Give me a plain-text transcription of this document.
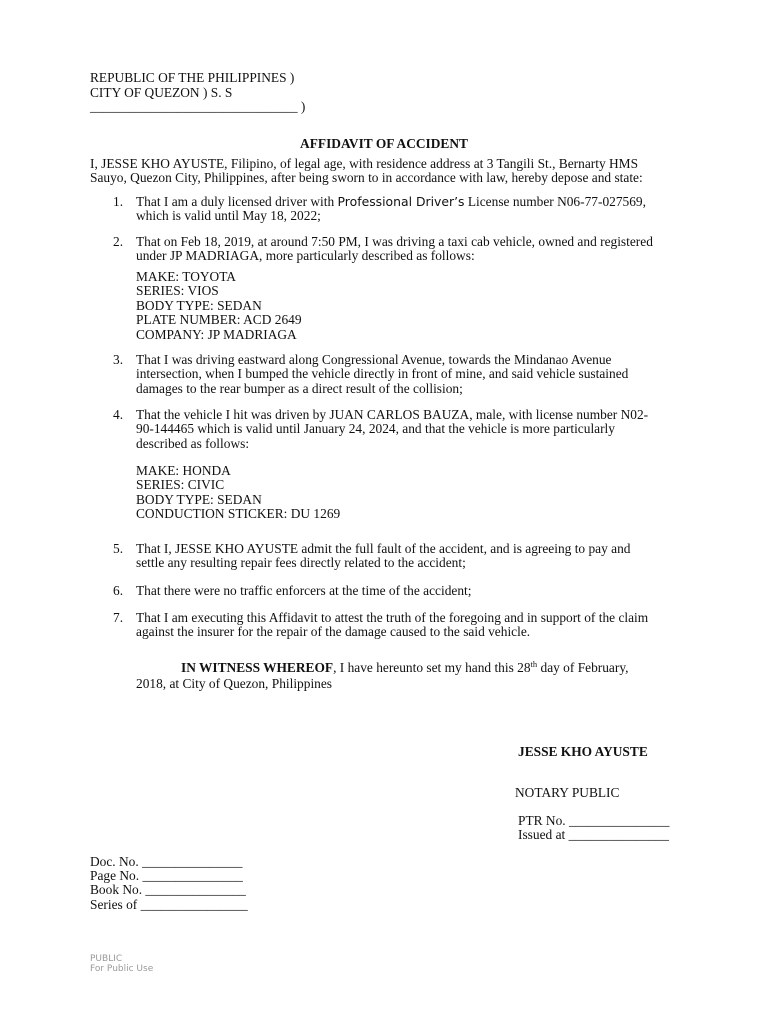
REPUBLIC OF THE PHILIPPINES )
CITY OF QUEZON ) S. S
_______________________________ )
AFFIDAVIT OF ACCIDENT
I, JESSE KHO AYUSTE, Filipino, of legal age, with residence address at 3 Tangili St., Bernarty HMS
Sauyo, Quezon City, Philippines, after being sworn to in accordance with law, hereby depose and state:
1. That I am a duly licensed driver with Professional Driver’s License number N06-77-027569,
which is valid until May 18, 2022;
2. That on Feb 18, 2019, at around 7:50 PM, I was driving a taxi cab vehicle, owned and registered
under JP MADRIAGA, more particularly described as follows:
MAKE: TOYOTA
SERIES: VIOS
BODY TYPE: SEDAN
PLATE NUMBER: ACD 2649
COMPANY: JP MADRIAGA
3. That I was driving eastward along Congressional Avenue, towards the Mindanao Avenue
intersection, when I bumped the vehicle directly in front of mine, and said vehicle sustained
damages to the rear bumper as a direct result of the collision;
4. That the vehicle I hit was driven by JUAN CARLOS BAUZA, male, with license number N02-
90-144465 which is valid until January 24, 2024, and that the vehicle is more particularly
described as follows:
MAKE: HONDA
SERIES: CIVIC
BODY TYPE: SEDAN
CONDUCTION STICKER: DU 1269
5. That I, JESSE KHO AYUSTE admit the full fault of the accident, and is agreeing to pay and
settle any resulting repair fees directly related to the accident;
6. That there were no traffic enforcers at the time of the accident;
7. That I am executing this Affidavit to attest the truth of the foregoing and in support of the claim
against the insurer for the repair of the damage caused to the said vehicle.
IN WITNESS WHEREOF, I have hereunto set my hand this 28th day of February,
2018, at City of Quezon, Philippines
JESSE KHO AYUSTE
NOTARY PUBLIC
PTR No. _______________
Issued at _______________
Doc. No. _______________
Page No. _______________
Book No. _______________
Series of ________________
PUBLIC
For Public Use
